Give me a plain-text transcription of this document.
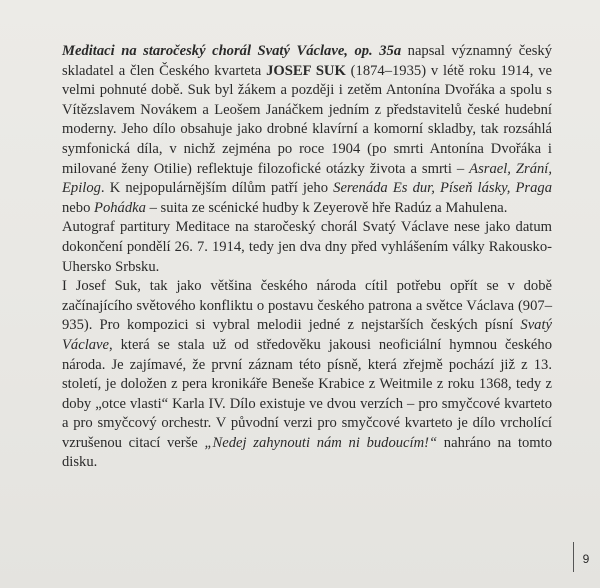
Meditaci na staročeský chorál Svatý Václave, op. 35a napsal významný český skladatel a člen Českého kvarteta JOSEF SUK (1874–1935) v létě roku 1914, ve velmi pohnuté době. Suk byl žákem a později i zetěm Antonína Dvořáka a spolu s Vítězslavem Novákem a Leošem Janáčkem jedním z představitelů české hudební moderny. Jeho dílo obsahuje jako drobné klavírní a komorní skladby, tak rozsáhlá symfonická díla, v nichž zejména po roce 1904 (po smrti Antonína Dvořáka i milované ženy Otilie) reflektuje filozofické otázky života a smrti – Asrael, Zrání, Epilog. K nejpopulárnějším dílům patří jeho Serenáda Es dur, Píseň lásky, Praga nebo Pohádka – suita ze scénické hudby k Zeyerově hře Radúz a Mahulena.

Autograf partitury Meditace na staročeský chorál Svatý Václave nese jako datum dokončení pondělí 26. 7. 1914, tedy jen dva dny před vyhlášením války Rakousko-Uhersko Srbsku.

I Josef Suk, tak jako většina českého národa cítil potřebu opřít se v době začínajícího světového konfliktu o postavu českého patrona a světce Václava (907–935). Pro kompozici si vybral melodii jedné z nejstarších českých písní Svatý Václave, která se stala už od středověku jakousi neoficiální hymnou českého národa. Je zajímavé, že první záznam této písně, která zřejmě pochází již z 13. století, je doložen z pera kronikáře Beneše Krabice z Weitmile z roku 1368, tedy z doby „otce vlasti“ Karla IV. Dílo existuje ve dvou verzích – pro smyčcové kvarteto a pro smyčcový orchestr. V původní verzi pro smyčcové kvarteto je dílo vrcholící vzrušenou citací verše „Nedej zahynouti nám ni budoucím!“ nahráno na tomto disku.

9
